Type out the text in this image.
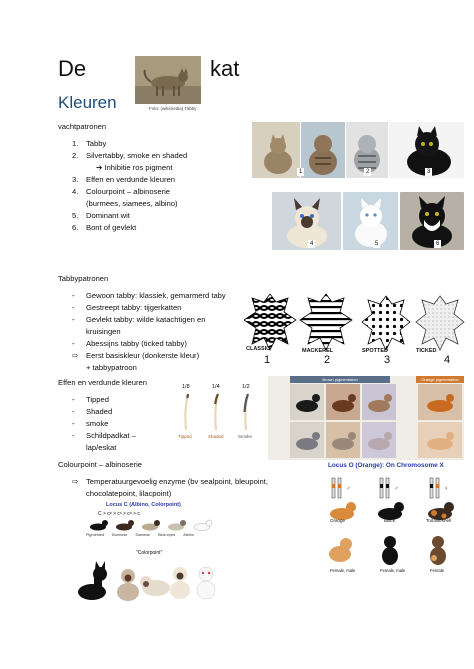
De	kat
Foto: (wikimedia) Tabby
Kleuren
vachtpatronen
1. Tabby
2. Silvertabby, smoke en shaded
➔ Inhibitie ros pigment
3. Effen en verdunde kleuren
4. Colourpoint – albinoserie
(burmees, siamees, albino)
5. Dominant wit
6. Bont of gevlekt
1	2	3
4	5	6
Tabbypatronen
- Gewoon tabby: klassiek, gemarmerd taby
- Gestreept tabby: tijgerkatten
- Gevlekt tabby: wilde katachtigen en
kruisingen
- Abessijns tabby (ticked tabby)
⇨ Eerst basiskleur (donkerste kleur)
+ tabbypatroon
CLASSIC	MACKEREL	SPOTTED	TICKED
1	2	3	4
Effen en verdunde kleuren
- Tipped
- Shaded
- smoke
- Schildpadkat –
lap/eskat
1/8	1/4	1/2
Tipped	Shaded	Smoke
Brown pigmentation	Orange pigmentation
Colourpoint – albinoserie
⇨ Temperatuurgevoelig enzyme (bv sealpoint, bleupoint,
chocolatepoint, lilacpoint)
Locus C (Albino, Colorpoint)
C > cᵇ > cˢ > cᵃ > c
Pigmented Burmese Siamese Blue-eyed Albino
"Colorpoint"
Locus O (Orange): On Chromosome X
♂	♂	♀
Orange	Black	Tortoiseshell
Female, male	Female, male	Female
